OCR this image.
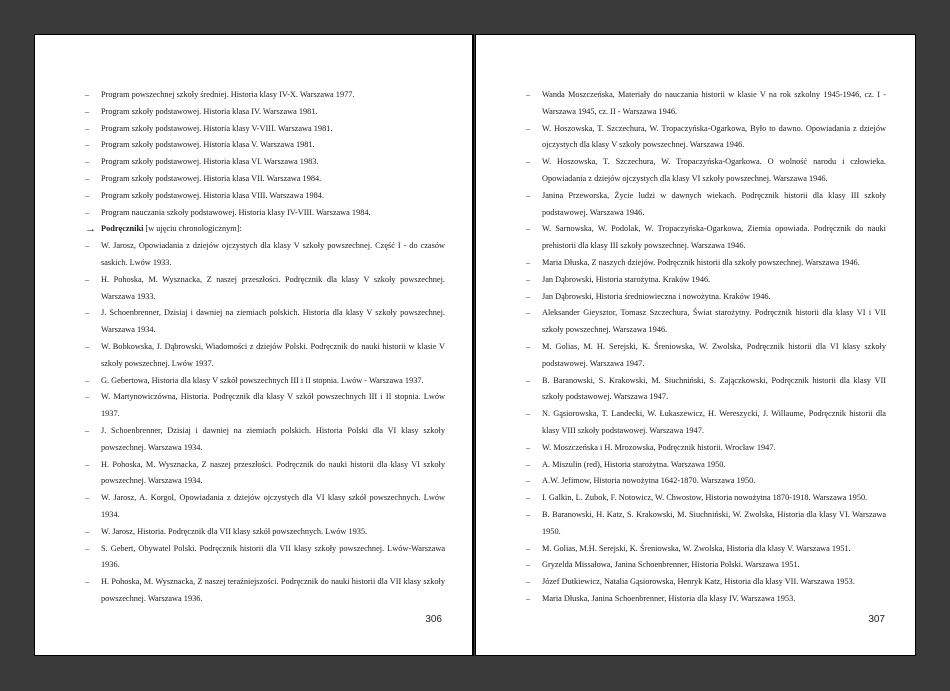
–	Program powszechnej szkoły średniej. Historia klasy IV-X. Warszawa 1977.
–	Program szkoły podstawowej. Historia klasa IV. Warszawa 1981.
–	Program szkoły podstawowej. Historia klasy V-VIII. Warszawa 1981.
–	Program szkoły podstawowej. Historia klasa V. Warszawa 1981.
–	Program szkoły podstawowej. Historia klasa VI. Warszawa 1983.
–	Program szkoły podstawowej. Historia klasa VII. Warszawa 1984.
–	Program szkoły podstawowej. Historia klasa VIII. Warszawa 1984.
–	Program nauczania szkoły podstawowej. Historia klasy IV-VIII. Warszawa 1984.
→ Podręczniki [w ujęciu chronologicznym]:
–	W. Jarosz, Opowiadania z dziejów ojczystych dla klasy V szkoły powszechnej. Część I - do czasów saskich. Lwów 1933.
–	H. Pohoska, M. Wysznacka, Z naszej przeszłości. Podręcznik dla klasy V szkoły powszechnej. Warszawa 1933.
–	J. Schoenbrenner, Dzisiaj i dawniej na ziemiach polskich. Historia dla klasy V szkoły powszechnej. Warszawa 1934.
–	W. Bobkowska, J. Dąbrowski, Wiadomości z dziejów Polski. Podręcznik do nauki historii w klasie V szkoły powszechnej. Lwów 1937.
–	G. Gebertowa, Historia dla klasy V szkół powszechnych III i II stopnia. Lwów - Warszawa 1937.
–	W. Martynowiczówna, Historia. Podręcznik dla klasy V szkół powszechnych III i II stopnia. Lwów 1937.
–	J. Schoenbrenner, Dzisiaj i dawniej na ziemiach polskich. Historia Polski dla VI klasy szkoły powszechnej. Warszawa 1934.
–	H. Pohoska, M. Wysznacka, Z naszej przeszłości. Podręcznik do nauki historii dla klasy VI szkoły powszechnej. Warszawa 1934.
–	W. Jarosz, A. Korgol, Opowiadania z dziejów ojczystych dla VI klasy szkół powszechnych. Lwów 1934.
–	W. Jarosz, Historia. Podręcznik dla VII klasy szkół powszechnych. Lwów 1935.
–	S. Gebert, Obywatel Polski. Podręcznik historii dla VII klasy szkoły powszechnej. Lwów-Warszawa 1936.
–	H. Pohoska, M. Wysznacka, Z naszej teraźniejszości. Podręcznik do nauki historii dla VII klasy szkoły powszechnej. Warszawa 1936.
306
–	Wanda Moszczeńska, Materiały do nauczania historii w klasie V na rok szkolny 1945-1946, cz. I - Warszawa 1945, cz. II - Warszawa 1946.
–	W. Hoszowska, T. Szczechura, W. Tropaczyńska-Ogarkowa, Było to dawno. Opowiadania z dziejów ojczystych dla klasy V szkoły powszechnej. Warszawa 1946.
–	W. Hoszowska, T. Szczechura, W. Tropaczyńska-Ogarkowa. O wolność narodu i człowieka. Opowiadania z dziejów ojczystych dla klasy VI szkoły powszechnej. Warszawa 1946.
–	Janina Przeworska, Życie ludzi w dawnych wiekach. Podręcznik historii dla klasy III szkoły podstawowej. Warszawa 1946.
–	W. Sarnowska, W. Podolak, W. Tropaczyńska-Ogarkowa, Ziemia opowiada. Podręcznik do nauki prehistorii dla klasy III szkoły powszechnej. Warszawa 1946.
–	Maria Dłuska, Z naszych dziejów. Podręcznik historii dla szkoły powszechnej. Warszawa 1946.
–	Jan Dąbrowski, Historia starożytna. Kraków 1946.
–	Jan Dąbrowski, Historia średniowieczna i nowożytna. Kraków 1946.
–	Aleksander Gieysztor, Tomasz Szczechura, Świat starożytny. Podręcznik historii dla klasy VI i VII szkoły powszechnej. Warszawa 1946.
–	M. Golias, M. H. Serejski, K. Śreniowska, W. Zwolska, Podręcznik historii dla VI klasy szkoły podstawowej. Warszawa 1947.
–	B. Baranowski, S. Krakowski, M. Siuchniński, S. Zajączkowski, Podręcznik historii dla klasy VII szkoły podstawowej. Warszawa 1947.
–	N. Gąsiorowska, T. Landecki, W. Łukaszewicz, H. Wereszycki, J. Willaume, Podręcznik historii dla klasy VIII szkoły podstawowej. Warszawa 1947.
–	W. Moszczeńska i H. Mrozowska, Podręcznik historii. Wrocław 1947.
–	A. Miszulin (red), Historia starożytna. Warszawa 1950.
–	A.W. Jefimow, Historia nowożytna 1642-1870. Warszawa 1950.
–	I. Galkin, L. Zubok, F. Notowicz, W. Chwostow, Historia nowożytna 1870-1918. Warszawa 1950.
–	B. Baranowski, H. Katz, S. Krakowski, M. Siuchniński, W. Zwolska, Historia dla klasy VI. Warszawa 1950.
–	M. Golias, M.H. Serejski, K. Śreniowska, W. Zwolska, Historia dla klasy V. Warszawa 1951.
–	Gryzelda Missałowa, Janina Schoenbrenner, Historia Polski. Warszawa 1951.
–	Józef Dutkiewicz, Natalia Gąsiorowska, Henryk Katz, Historia dla klasy VII. Warszawa 1953.
–	Maria Dłuska, Janina Schoenbrenner, Historia dla klasy IV. Warszawa 1953.
307
